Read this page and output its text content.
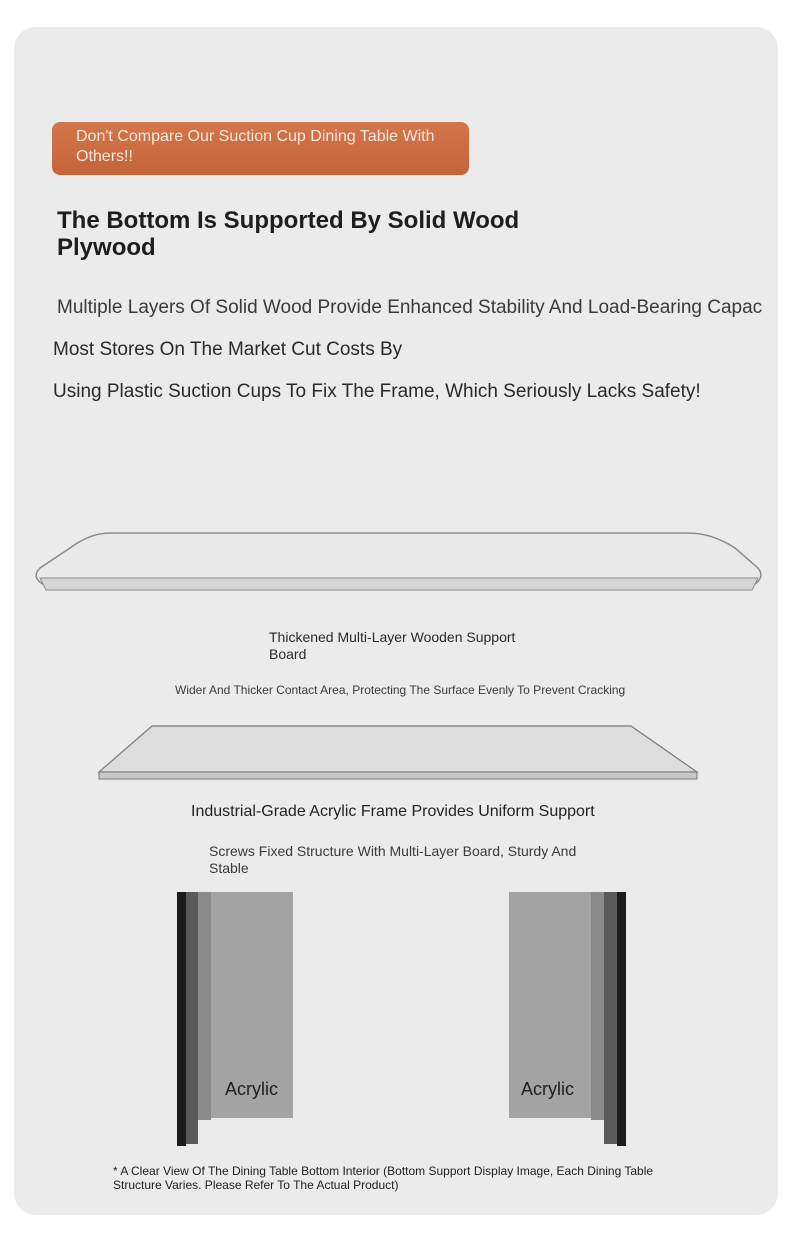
Don't Compare Our Suction Cup Dining Table With Others!!
The Bottom Is Supported By Solid Wood Plywood
Multiple Layers Of Solid Wood Provide Enhanced Stability And Load-Bearing Capac
Most Stores On The Market Cut Costs By
Using Plastic Suction Cups To Fix The Frame, Which Seriously Lacks Safety!
Thickened Multi-Layer Wooden Support Board
Wider And Thicker Contact Area, Protecting The Surface Evenly To Prevent Cracking
Industrial-Grade Acrylic Frame Provides Uniform Support
Screws Fixed Structure With Multi-Layer Board, Sturdy And Stable
Acrylic	Acrylic
* A Clear View Of The Dining Table Bottom Interior (Bottom Support Display Image, Each Dining Table Structure Varies. Please Refer To The Actual Product)
